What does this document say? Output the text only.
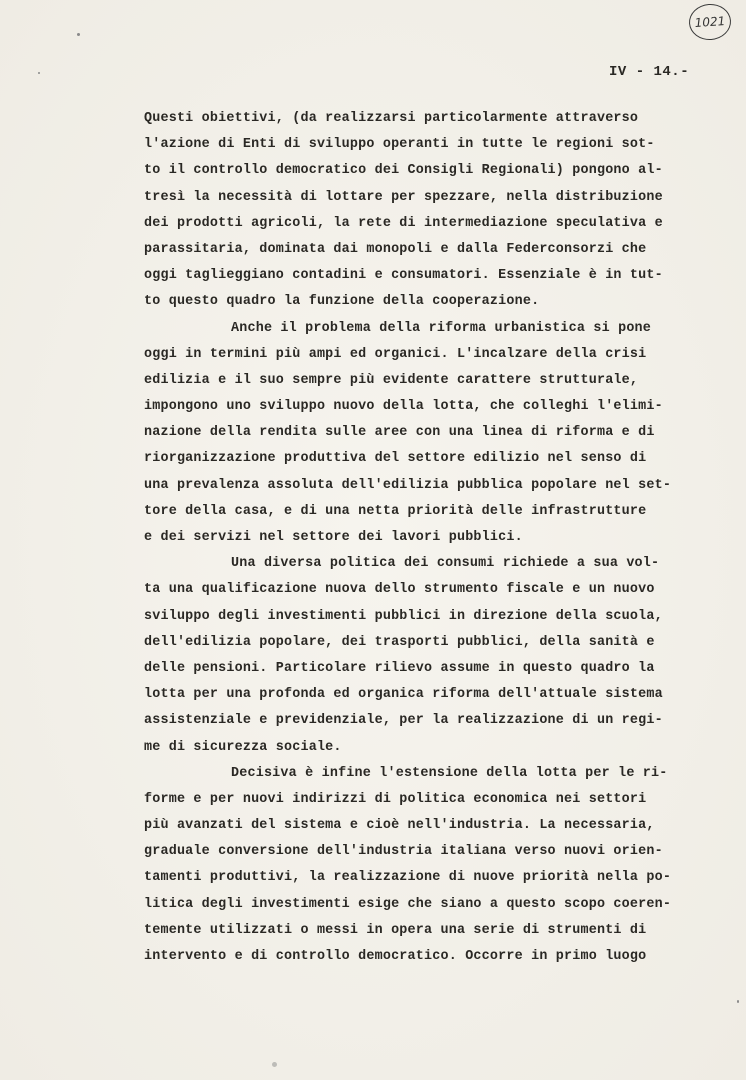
1021
IV - 14.-
Questi obiettivi, (da realizzarsi particolarmente attraverso
l'azione di Enti di sviluppo operanti in tutte le regioni sot-
to il controllo democratico dei Consigli Regionali) pongono al-
tresì la necessità di lottare per spezzare, nella distribuzione
dei prodotti agricoli, la rete di intermediazione speculativa e
parassitaria, dominata dai monopoli e dalla Federconsorzi che
oggi taglieggiano contadini e consumatori. Essenziale è in tut-
to questo quadro la funzione della cooperazione.
Anche il problema della riforma urbanistica si pone
oggi in termini più ampi ed organici. L'incalzare della crisi
edilizia e il suo sempre più evidente carattere strutturale,
impongono uno sviluppo nuovo della lotta, che colleghi l'elimi-
nazione della rendita sulle aree con una linea di riforma e di
riorganizzazione produttiva del settore edilizio nel senso di
una prevalenza assoluta dell'edilizia pubblica popolare nel set-
tore della casa, e di una netta priorità delle infrastrutture
e dei servizi nel settore dei lavori pubblici.
Una diversa politica dei consumi richiede a sua vol-
ta una qualificazione nuova dello strumento fiscale e un nuovo
sviluppo degli investimenti pubblici in direzione della scuola,
dell'edilizia popolare, dei trasporti pubblici, della sanità e
delle pensioni. Particolare rilievo assume in questo quadro la
lotta per una profonda ed organica riforma dell'attuale sistema
assistenziale e previdenziale, per la realizzazione di un regi-
me di sicurezza sociale.
Decisiva è infine l'estensione della lotta per le ri-
forme e per nuovi indirizzi di politica economica nei settori
più avanzati del sistema e cioè nell'industria. La necessaria,
graduale conversione dell'industria italiana verso nuovi orien-
tamenti produttivi, la realizzazione di nuove priorità nella po-
litica degli investimenti esige che siano a questo scopo coeren-
temente utilizzati o messi in opera una serie di strumenti di
intervento e di controllo democratico. Occorre in primo luogo
